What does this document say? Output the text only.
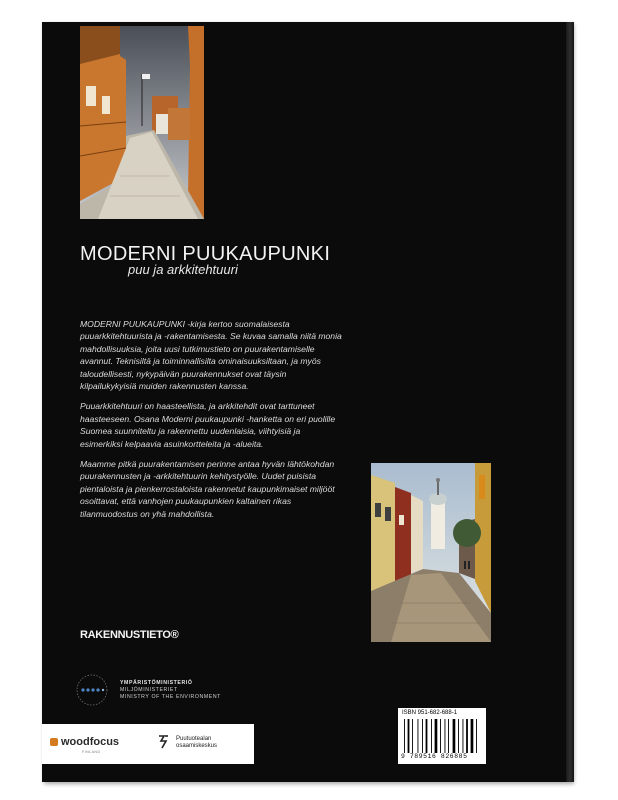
MODERNI PUUKAUPUNKI
puu ja arkkitehtuuri

MODERNI PUUKAUPUNKI -kirja kertoo suomalaisesta puuarkkitehtuurista ja -rakentamisesta. Se kuvaa samalla niitä monia mahdollisuuksia, joita uusi tutkimustieto on puurakentamiselle avannut. Teknisiltä ja toiminnallisilta ominaisuuksiltaan, ja myös taloudellisesti, nykypäivän puurakennukset ovat täysin kilpailukykyisiä muiden rakennusten kanssa.

Puuarkkitehtuuri on haasteellista, ja arkkitehdit ovat tarttuneet haasteeseen. Osana Moderni puukaupunki -hanketta on eri puolille Suomea suunniteltu ja rakennettu uudenlaisia, viihtyisiä ja esimerkiksi kelpaavia asuinkortteleita ja -alueita.

Maamme pitkä puurakentamisen perinne antaa hyvän lähtökohdan puurakennusten ja -arkkitehtuurin kehitystyölle. Uudet puisista pientaloista ja pienkerrostaloista rakennetut kaupunkimaiset miljööt osoittavat, että vanhojen puukaupunkien kaltainen rikas tilanmuodostus on yhä mahdollista.

RAKENNUSTIETO®
YMPÄRISTÖMINISTERIÖ
MILJÖMINISTERIET
MINISTRY OF THE ENVIRONMENT
woodfocus
FINLAND
Puutuotealan
osaamiskeskus
ISBN 951-682-688-1
9 789516 826885
